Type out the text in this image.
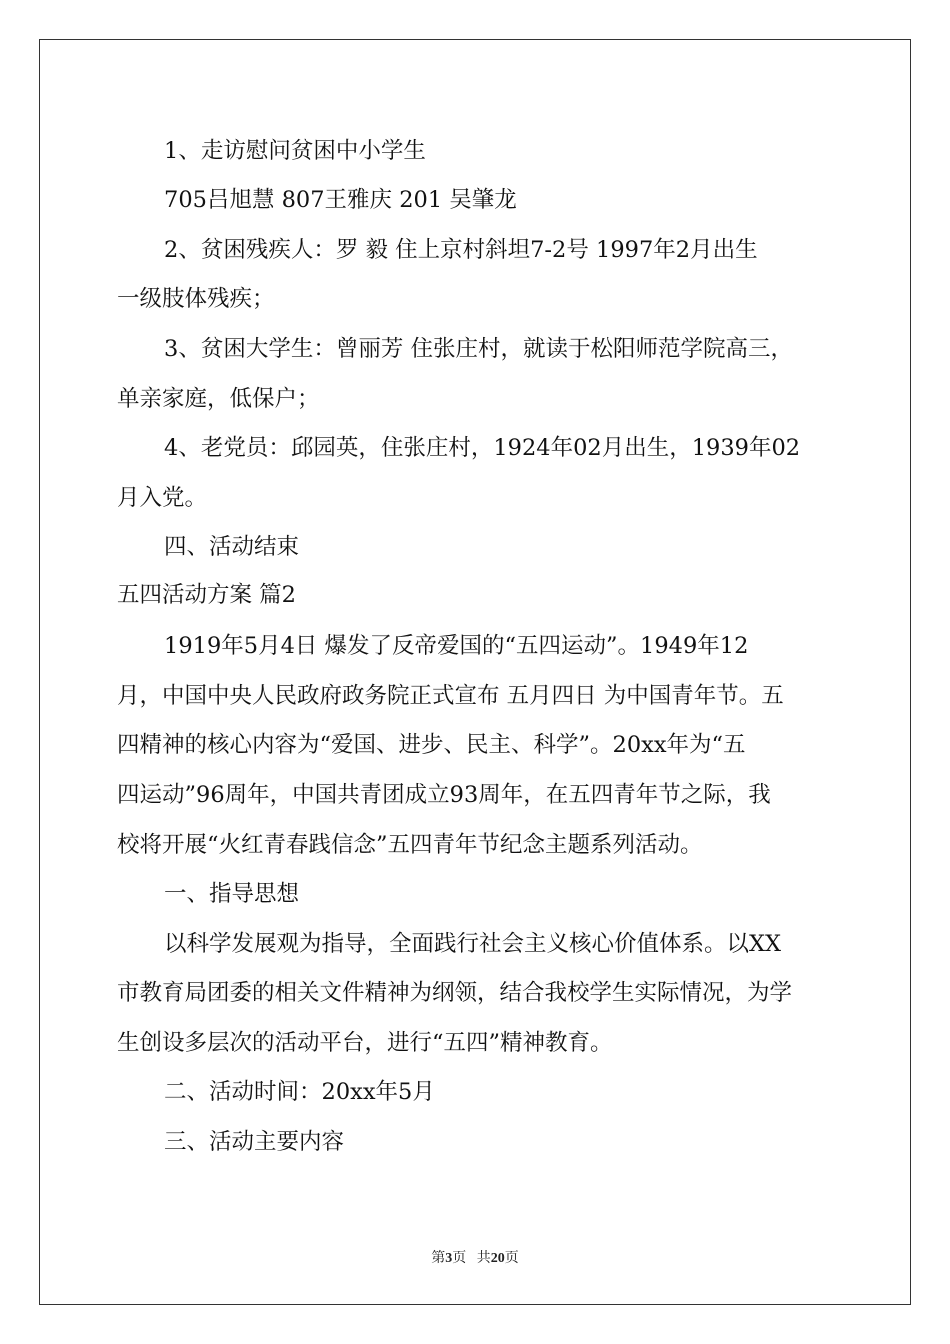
1、走访慰问贫困中小学生

705吕旭慧 807王雅庆 201 吴肇龙

2、贫困残疾人：罗 毅 住上京村斜坦7-2号 1997年2月出生

一级肢体残疾；

3、贫困大学生：曾丽芳 住张庄村，就读于松阳师范学院高三，

单亲家庭，低保户；

4、老党员：邱园英，住张庄村，1924年02月出生，1939年02

月入党。

四、活动结束

五四活动方案 篇2

1919年5月4日 爆发了反帝爱国的“五四运动”。1949年12

月，中国中央人民政府政务院正式宣布 五月四日 为中国青年节。五

四精神的核心内容为“爱国、进步、民主、科学”。20xx年为“五

四运动”96周年，中国共青团成立93周年，在五四青年节之际，我

校将开展“火红青春践信念”五四青年节纪念主题系列活动。

一、指导思想

以科学发展观为指导，全面践行社会主义核心价值体系。以XX

市教育局团委的相关文件精神为纲领，结合我校学生实际情况，为学

生创设多层次的活动平台，进行“五四”精神教育。

二、活动时间：20xx年5月

三、活动主要内容

第3页 共20页
